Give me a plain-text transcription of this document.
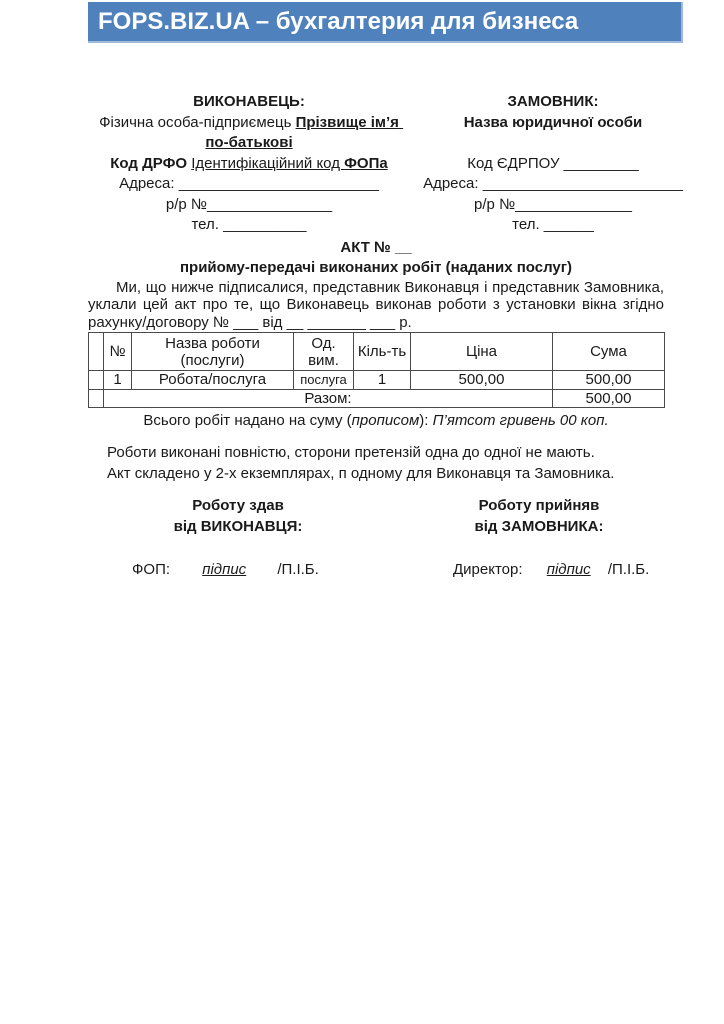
FOPS.BIZ.UA – бухгалтерия для бизнеса
ВИКОНАВЕЦЬ:
Фізична особа-підприємець Прізвище ім’я по-батькові
Код ДРФО Ідентифікаційний код ФОПа
Адреса: ________________________
р/р №_______________
тел. __________
ЗАМОВНИК:
Назва юридичної особи
Код ЄДРПОУ _________
Адреса: ________________________
р/р №______________
тел. ______
АКТ № __
прийому-передачі виконаних робіт (наданих послуг)
Ми, що нижче підписалися, представник Виконавця і представник Замовника,
уклали цей акт про те, що Виконавець виконав роботи з установки вікна згідно
рахунку/договору № ___ від __ _______ ___ р.
	№	Назва роботи (послуги)	Од. вим.	Кіль-ть	Ціна	Сума
	1	Робота/послуга	послуга	1	500,00	500,00
	Разом:					500,00
Всього робіт надано на суму (прописом): П’ятсот гривень 00 коп.
Роботи виконані повністю, сторони претензій одна до одної не мають.
Акт складено у 2-х екземплярах, п одному для Виконавця та Замовника.
Роботу здав
від ВИКОНАВЦЯ:
Роботу прийняв
від ЗАМОВНИКА:
ФОП: підпис /П.І.Б.	Директор: підпис /П.І.Б.
